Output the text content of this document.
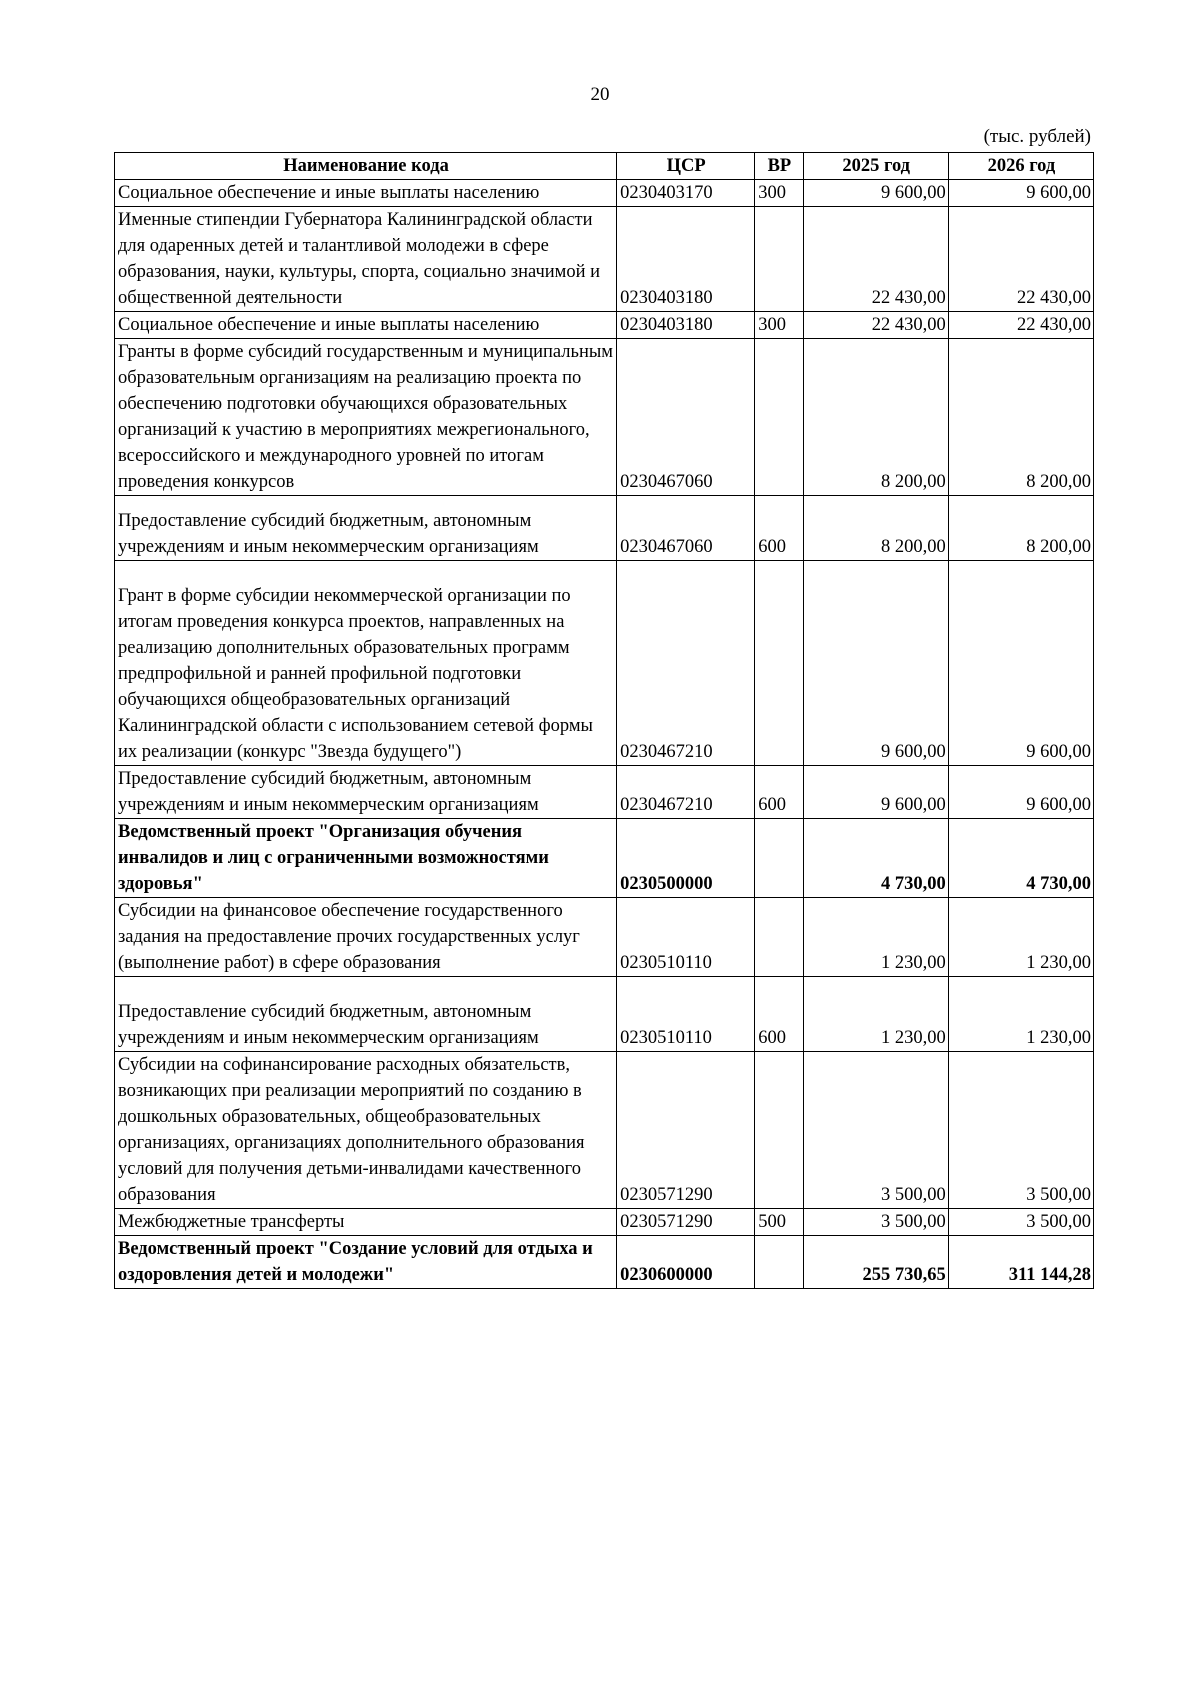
20
(тыс. рублей)
Наименование кода	ЦСР	ВР	2025 год	2026 год
Социальное обеспечение и иные выплаты населению	0230403170	300	9 600,00	9 600,00
Именные стипендии Губернатора Калининградской области для одаренных детей и талантливой молодежи в сфере образования, науки, культуры, спорта, социально значимой и общественной деятельности	0230403180		22 430,00	22 430,00
Социальное обеспечение и иные выплаты населению	0230403180	300	22 430,00	22 430,00
Гранты в форме субсидий государственным и муниципальным образовательным организациям на реализацию проекта по обеспечению подготовки обучающихся образовательных организаций к участию в мероприятиях межрегионального, всероссийского и международного уровней по итогам проведения конкурсов	0230467060		8 200,00	8 200,00
Предоставление субсидий бюджетным, автономным учреждениям и иным некоммерческим организациям	0230467060	600	8 200,00	8 200,00
Грант в форме субсидии некоммерческой организации по итогам проведения конкурса проектов, направленных на реализацию дополнительных образовательных программ предпрофильной и ранней профильной подготовки обучающихся общеобразовательных организаций Калининградской области с использованием сетевой формы их реализации (конкурс "Звезда будущего")	0230467210		9 600,00	9 600,00
Предоставление субсидий бюджетным, автономным учреждениям и иным некоммерческим организациям	0230467210	600	9 600,00	9 600,00
Ведомственный проект "Организация обучения инвалидов и лиц с ограниченными возможностями здоровья"	0230500000		4 730,00	4 730,00
Субсидии на финансовое обеспечение государственного задания на предоставление прочих государственных услуг (выполнение работ) в сфере образования	0230510110		1 230,00	1 230,00
Предоставление субсидий бюджетным, автономным учреждениям и иным некоммерческим организациям	0230510110	600	1 230,00	1 230,00
Субсидии на софинансирование расходных обязательств, возникающих при реализации мероприятий по созданию в дошкольных образовательных, общеобразовательных организациях, организациях дополнительного образования условий для получения детьми-инвалидами качественного образования	0230571290		3 500,00	3 500,00
Межбюджетные трансферты	0230571290	500	3 500,00	3 500,00
Ведомственный проект "Создание условий для отдыха и оздоровления детей и молодежи"	0230600000		255 730,65	311 144,28
